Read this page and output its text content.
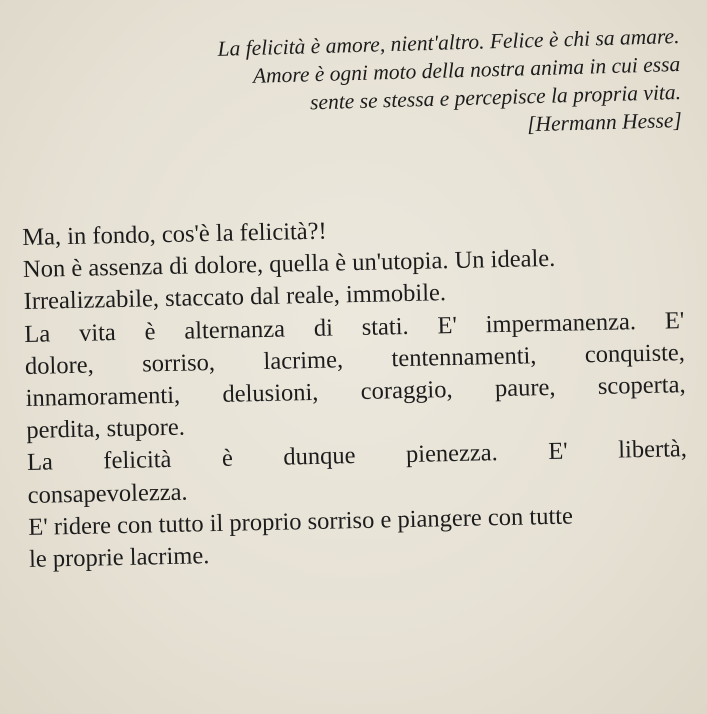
La felicità è amore, nient'altro. Felice è chi sa amare.
Amore è ogni moto della nostra anima in cui essa
sente se stessa e percepisce la propria vita.
[Hermann Hesse]
Ma, in fondo, cos'è la felicità?!
Non è assenza di dolore, quella è un'utopia. Un ideale.
Irrealizzabile, staccato dal reale, immobile.
La vita è alternanza di stati. E' impermanenza. E'
dolore, sorriso, lacrime, tentennamenti, conquiste,
innamoramenti, delusioni, coraggio, paure, scoperta,
perdita, stupore.
La felicità è dunque pienezza. E' libertà,
consapevolezza.
E' ridere con tutto il proprio sorriso e piangere con tutte
le proprie lacrime.
